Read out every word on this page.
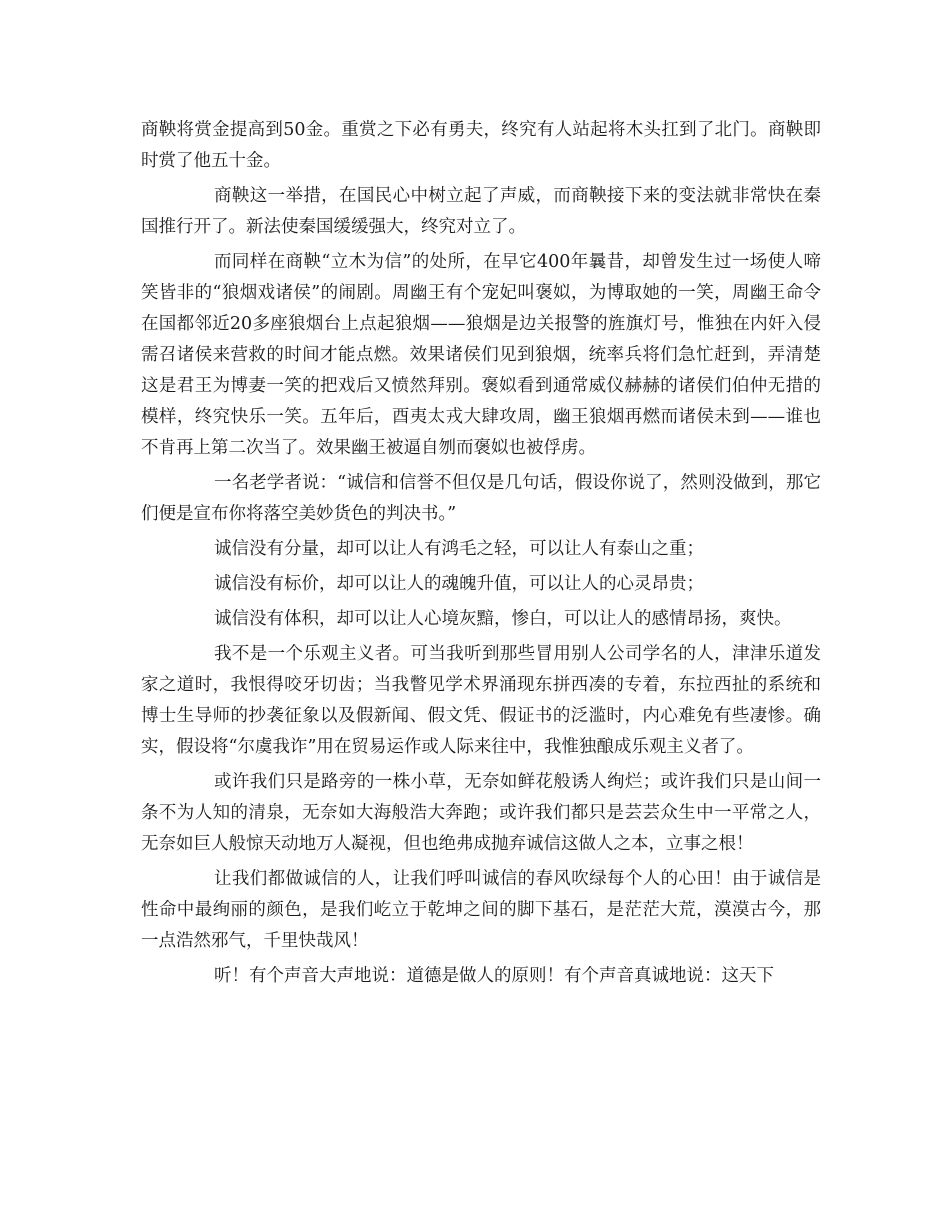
商鞅将赏金提高到50金。重赏之下必有勇夫，终究有人站起将木头扛到了北门。商鞅即时赏了他五十金。

商鞅这一举措，在国民心中树立起了声威，而商鞅接下来的变法就非常快在秦国推行开了。新法使秦国缓缓强大，终究对立了。

而同样在商鞅“立木为信”的处所，在早它400年曩昔，却曾发生过一场使人啼笑皆非的“狼烟戏诸侯”的闹剧。周幽王有个宠妃叫褒姒，为博取她的一笑，周幽王命令在国都邻近20多座狼烟台上点起狼烟——狼烟是边关报警的旌旗灯号，惟独在内奸入侵需召诸侯来营救的时间才能点燃。效果诸侯们见到狼烟，统率兵将们急忙赶到，弄清楚这是君王为博妻一笑的把戏后又愤然拜别。褒姒看到通常威仪赫赫的诸侯们伯仲无措的模样，终究快乐一笑。五年后，酉夷太戎大肆攻周，幽王狼烟再燃而诸侯未到——谁也不肯再上第二次当了。效果幽王被逼自刎而褒姒也被俘虏。

一名老学者说：“诚信和信誉不但仅是几句话，假设你说了，然则没做到，那它们便是宣布你将落空美妙货色的判决书。”

诚信没有分量，却可以让人有鸿毛之轻，可以让人有泰山之重；

诚信没有标价，却可以让人的魂魄升值，可以让人的心灵昂贵；

诚信没有体积，却可以让人心境灰黯，惨白，可以让人的感情昂扬，爽快。

我不是一个乐观主义者。可当我听到那些冒用别人公司学名的人，津津乐道发家之道时，我恨得咬牙切齿；当我瞥见学术界涌现东拼西凑的专着，东拉西扯的系统和博士生导师的抄袭征象以及假新闻、假文凭、假证书的泛滥时，内心难免有些凄惨。确实，假设将“尔虞我诈”用在贸易运作或人际来往中，我惟独酿成乐观主义者了。

或许我们只是路旁的一株小草，无奈如鲜花般诱人绚烂；或许我们只是山间一条不为人知的清泉，无奈如大海般浩大奔跑；或许我们都只是芸芸众生中一平常之人，无奈如巨人般惊天动地万人凝视，但也绝弗成抛弃诚信这做人之本，立事之根！

让我们都做诚信的人，让我们呼叫诚信的春风吹绿每个人的心田！由于诚信是性命中最绚丽的颜色，是我们屹立于乾坤之间的脚下基石，是茫茫大荒，漠漠古今，那一点浩然邪气，千里快哉风！

听！有个声音大声地说：道德是做人的原则！有个声音真诚地说：这天下
